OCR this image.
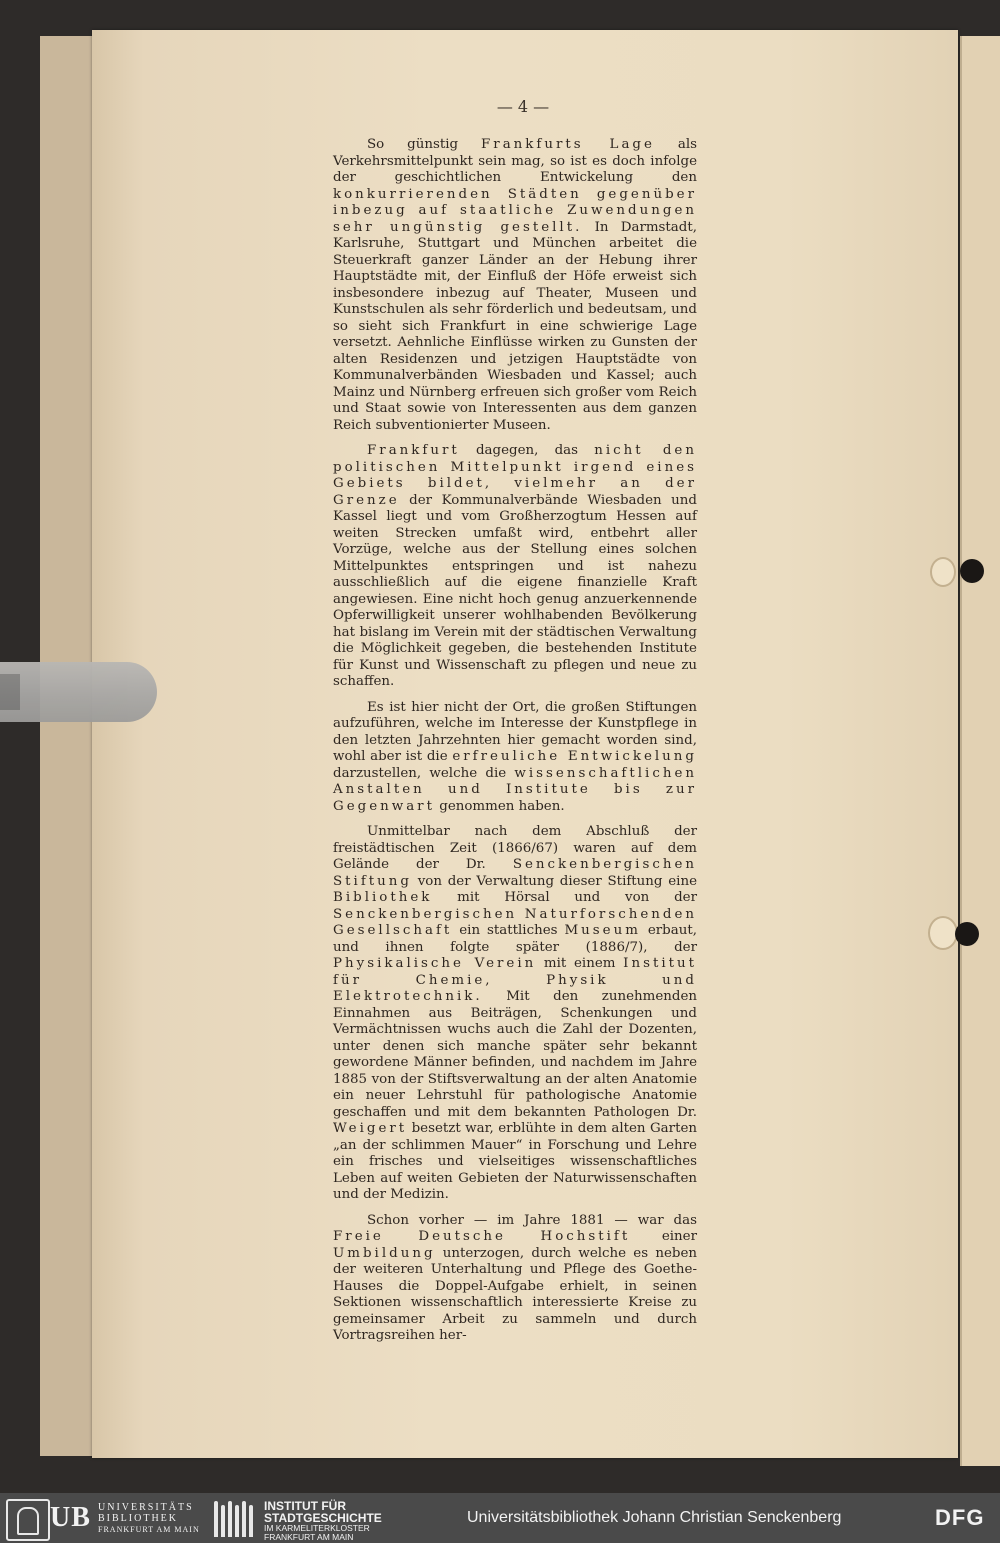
— 4 —

So günstig Frankfurts Lage als Verkehrsmittelpunkt sein mag, so ist es doch infolge der geschichtlichen Entwickelung den konkurrierenden Städten gegenüber inbezug auf staatliche Zuwendungen sehr ungünstig gestellt. In Darmstadt, Karlsruhe, Stuttgart und München arbeitet die Steuerkraft ganzer Länder an der Hebung ihrer Hauptstädte mit, der Einfluß der Höfe erweist sich insbesondere inbezug auf Theater, Museen und Kunstschulen als sehr förderlich und bedeutsam, und so sieht sich Frankfurt in eine schwierige Lage versetzt. Aehnliche Einflüsse wirken zu Gunsten der alten Residenzen und jetzigen Hauptstädte von Kommunalverbänden Wiesbaden und Kassel; auch Mainz und Nürnberg erfreuen sich großer vom Reich und Staat sowie von Interessenten aus dem ganzen Reich subventionierter Museen.

Frankfurt dagegen, das nicht den politischen Mittelpunkt irgend eines Gebiets bildet, vielmehr an der Grenze der Kommunalverbände Wiesbaden und Kassel liegt und vom Großherzogtum Hessen auf weiten Strecken umfaßt wird, entbehrt aller Vorzüge, welche aus der Stellung eines solchen Mittelpunktes entspringen und ist nahezu ausschließlich auf die eigene finanzielle Kraft angewiesen. Eine nicht hoch genug anzuerkennende Opferwilligkeit unserer wohlhabenden Bevölkerung hat bislang im Verein mit der städtischen Verwaltung die Möglichkeit gegeben, die bestehenden Institute für Kunst und Wissenschaft zu pflegen und neue zu schaffen.

Es ist hier nicht der Ort, die großen Stiftungen aufzuführen, welche im Interesse der Kunstpflege in den letzten Jahrzehnten hier gemacht worden sind, wohl aber ist die erfreuliche Entwickelung darzustellen, welche die wissenschaftlichen Anstalten und Institute bis zur Gegenwart genommen haben.

Unmittelbar nach dem Abschluß der freistädtischen Zeit (1866/67) waren auf dem Gelände der Dr. Senckenbergischen Stiftung von der Verwaltung dieser Stiftung eine Bibliothek mit Hörsal und von der Senckenbergischen Naturforschenden Gesellschaft ein stattliches Museum erbaut, und ihnen folgte später (1886/7), der Physikalische Verein mit einem Institut für Chemie, Physik und Elektrotechnik. Mit den zunehmenden Einnahmen aus Beiträgen, Schenkungen und Vermächtnissen wuchs auch die Zahl der Dozenten, unter denen sich manche später sehr bekannt gewordene Männer befinden, und nachdem im Jahre 1885 von der Stiftsverwaltung an der alten Anatomie ein neuer Lehrstuhl für pathologische Anatomie geschaffen und mit dem bekannten Pathologen Dr. Weigert besetzt war, erblühte in dem alten Garten „an der schlimmen Mauer“ in Forschung und Lehre ein frisches und vielseitiges wissenschaftliches Leben auf weiten Gebieten der Naturwissenschaften und der Medizin.

Schon vorher — im Jahre 1881 — war das Freie Deutsche Hochstift einer Umbildung unterzogen, durch welche es neben der weiteren Unterhaltung und Pflege des Goethe-Hauses die Doppel-Aufgabe erhielt, in seinen Sektionen wissenschaftlich interessierte Kreise zu gemeinsamer Arbeit zu sammeln und durch Vortragsreihen her-

UB UNIVERSITÄTS
BIBLIOTHEK
FRANKFURT AM MAIN
INSTITUT FÜR
STADTGESCHICHTE
IM KARMELITERKLOSTER
FRANKFURT AM MAIN
Universitätsbibliothek Johann Christian Senckenberg	DFG
